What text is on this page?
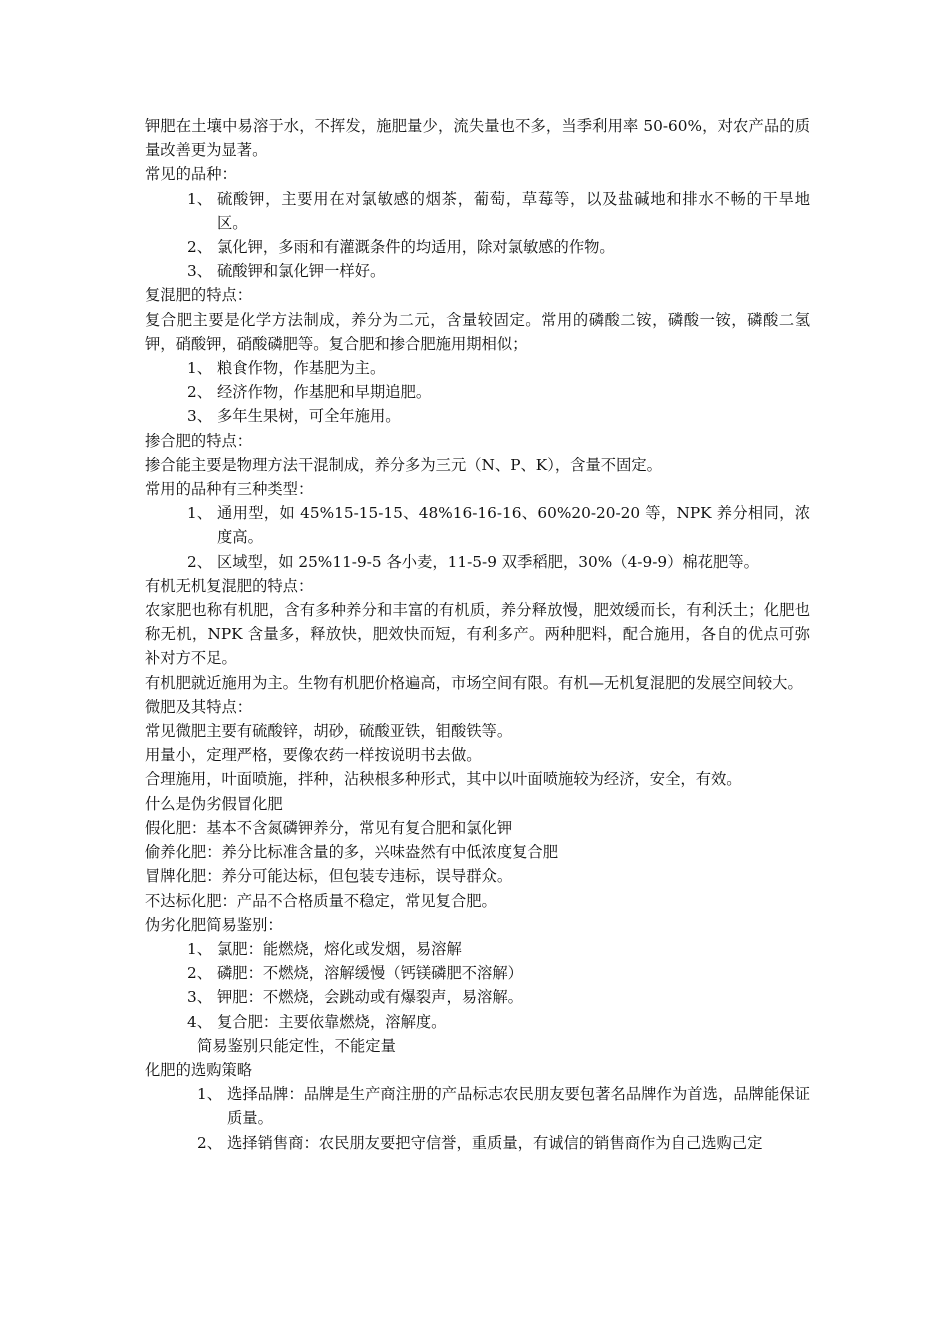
钾肥在土壤中易溶于水，不挥发，施肥量少，流失量也不多，当季利用率 50-60%，对农产品的质量改善更为显著。

常见的品种：

1、 硫酸钾，主要用在对氯敏感的烟茶，葡萄，草莓等，以及盐碱地和排水不畅的干旱地区。
2、 氯化钾，多雨和有灌溉条件的均适用，除对氯敏感的作物。
3、 硫酸钾和氯化钾一样好。

复混肥的特点：

复合肥主要是化学方法制成，养分为二元，含量较固定。常用的磷酸二铵，磷酸一铵，磷酸二氢钾，硝酸钾，硝酸磷肥等。复合肥和掺合肥施用期相似；

1、 粮食作物，作基肥为主。
2、 经济作物，作基肥和早期追肥。
3、 多年生果树，可全年施用。

掺合肥的特点：

掺合能主要是物理方法干混制成，养分多为三元（N、P、K），含量不固定。

常用的品种有三种类型：

1、 通用型，如 45%15-15-15、48%16-16-16、60%20-20-20 等，NPK 养分相同，浓度高。
2、 区域型，如 25%11-9-5 各小麦，11-5-9 双季稻肥，30%（4-9-9）棉花肥等。

有机无机复混肥的特点：

农家肥也称有机肥，含有多种养分和丰富的有机质，养分释放慢，肥效缓而长，有利沃土；化肥也称无机，NPK 含量多，释放快，肥效快而短，有利多产。两种肥料，配合施用，各自的优点可弥补对方不足。

有机肥就近施用为主。生物有机肥价格遍高，市场空间有限。有机—无机复混肥的发展空间较大。

微肥及其特点：

常见微肥主要有硫酸锌，胡砂，硫酸亚铁，钼酸铁等。

用量小，定理严格，要像农药一样按说明书去做。

合理施用，叶面喷施，拌种，沾秧根多种形式，其中以叶面喷施较为经济，安全，有效。

什么是伪劣假冒化肥

假化肥：基本不含氮磷钾养分，常见有复合肥和氯化钾

偷养化肥：养分比标准含量的多，兴味盎然有中低浓度复合肥

冒牌化肥：养分可能达标，但包装专违标，误导群众。

不达标化肥：产品不合格质量不稳定，常见复合肥。

伪劣化肥简易鉴别：

1、 氯肥：能燃烧，熔化或发烟，易溶解
2、 磷肥：不燃烧，溶解缓慢（钙镁磷肥不溶解）
3、 钾肥：不燃烧，会跳动或有爆裂声，易溶解。
4、 复合肥：主要依靠燃烧，溶解度。

简易鉴别只能定性，不能定量

化肥的选购策略

1、 选择品牌：品牌是生产商注册的产品标志农民朋友要包著名品牌作为首选，品牌能保证质量。
2、 选择销售商：农民朋友要把守信誉，重质量，有诚信的销售商作为自己选购己定
